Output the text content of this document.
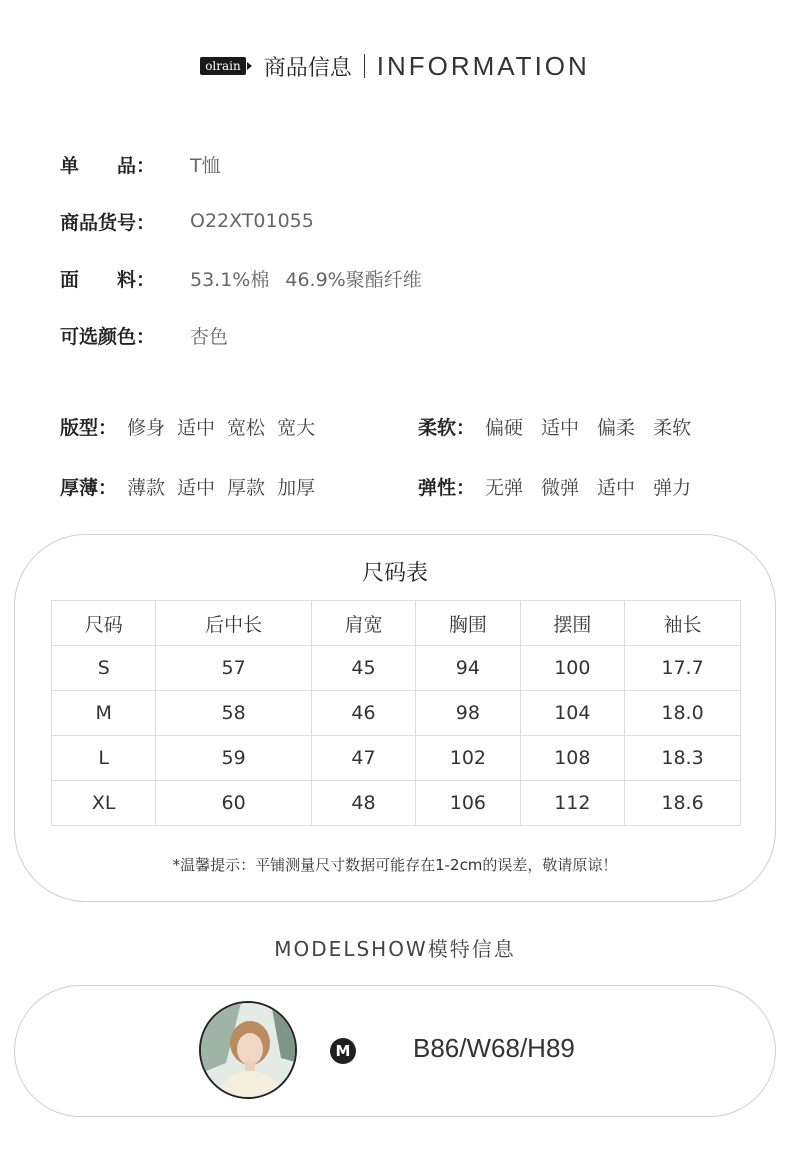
olrain 商品信息 INFORMATION
单　　品：	T恤
商品货号：	O22XT01055
面　　料：	53.1%棉 46.9%聚酯纤维
可选颜色：	杏色
版型： 修身 适中 宽松 宽大	柔软： 偏硬 适中 偏柔 柔软
厚薄： 薄款 适中 厚款 加厚	弹性： 无弹 微弹 适中 弹力
尺码表
尺码	后中长	肩宽	胸围	摆围	袖长
S	57	45	94	100	17.7
M	58	46	98	104	18.0
L	59	47	102	108	18.3
XL	60	48	106	112	18.6
*温馨提示：平铺测量尺寸数据可能存在1-2cm的误差，敬请原谅！
MODELSHOW模特信息
M B86/W68/H89
